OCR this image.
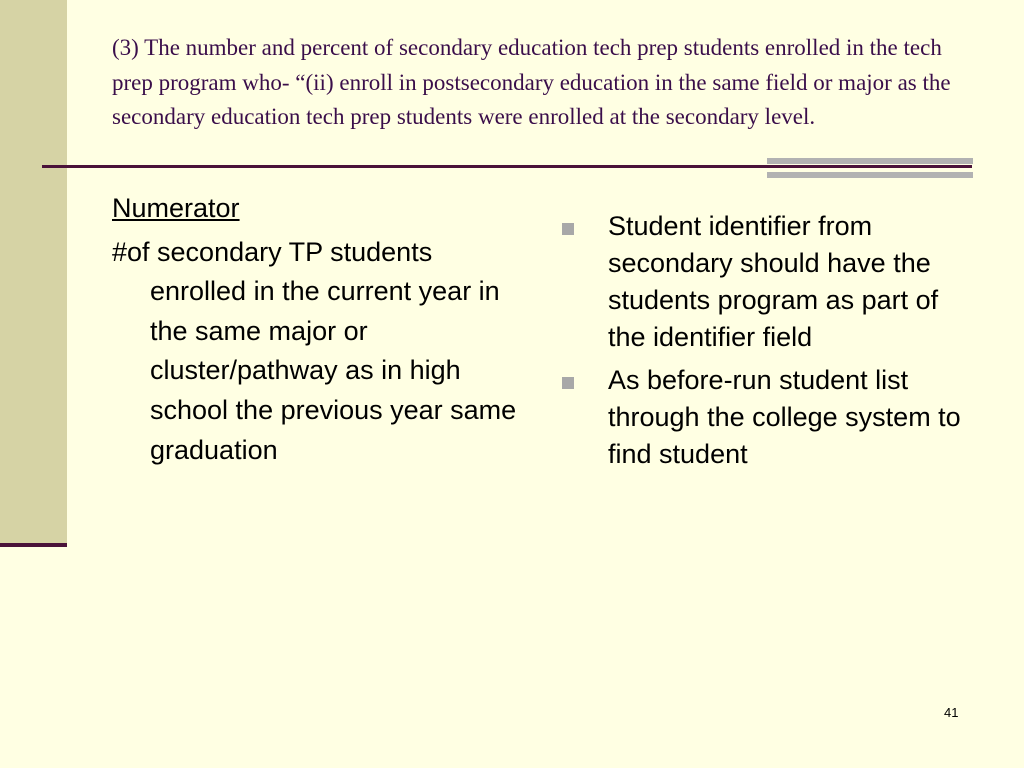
(3) The number and percent of secondary education tech prep students enrolled in the tech prep program who- “(ii) enroll in postsecondary education in the same field or major as the secondary education tech prep students were enrolled at the secondary level.

Numerator

#of secondary TP students enrolled in the current year in the same major or cluster/pathway as in high school the previous year same graduation

Student identifier from secondary should have the students program as part of the identifier field
As before-run student list through the college system to find student
41
